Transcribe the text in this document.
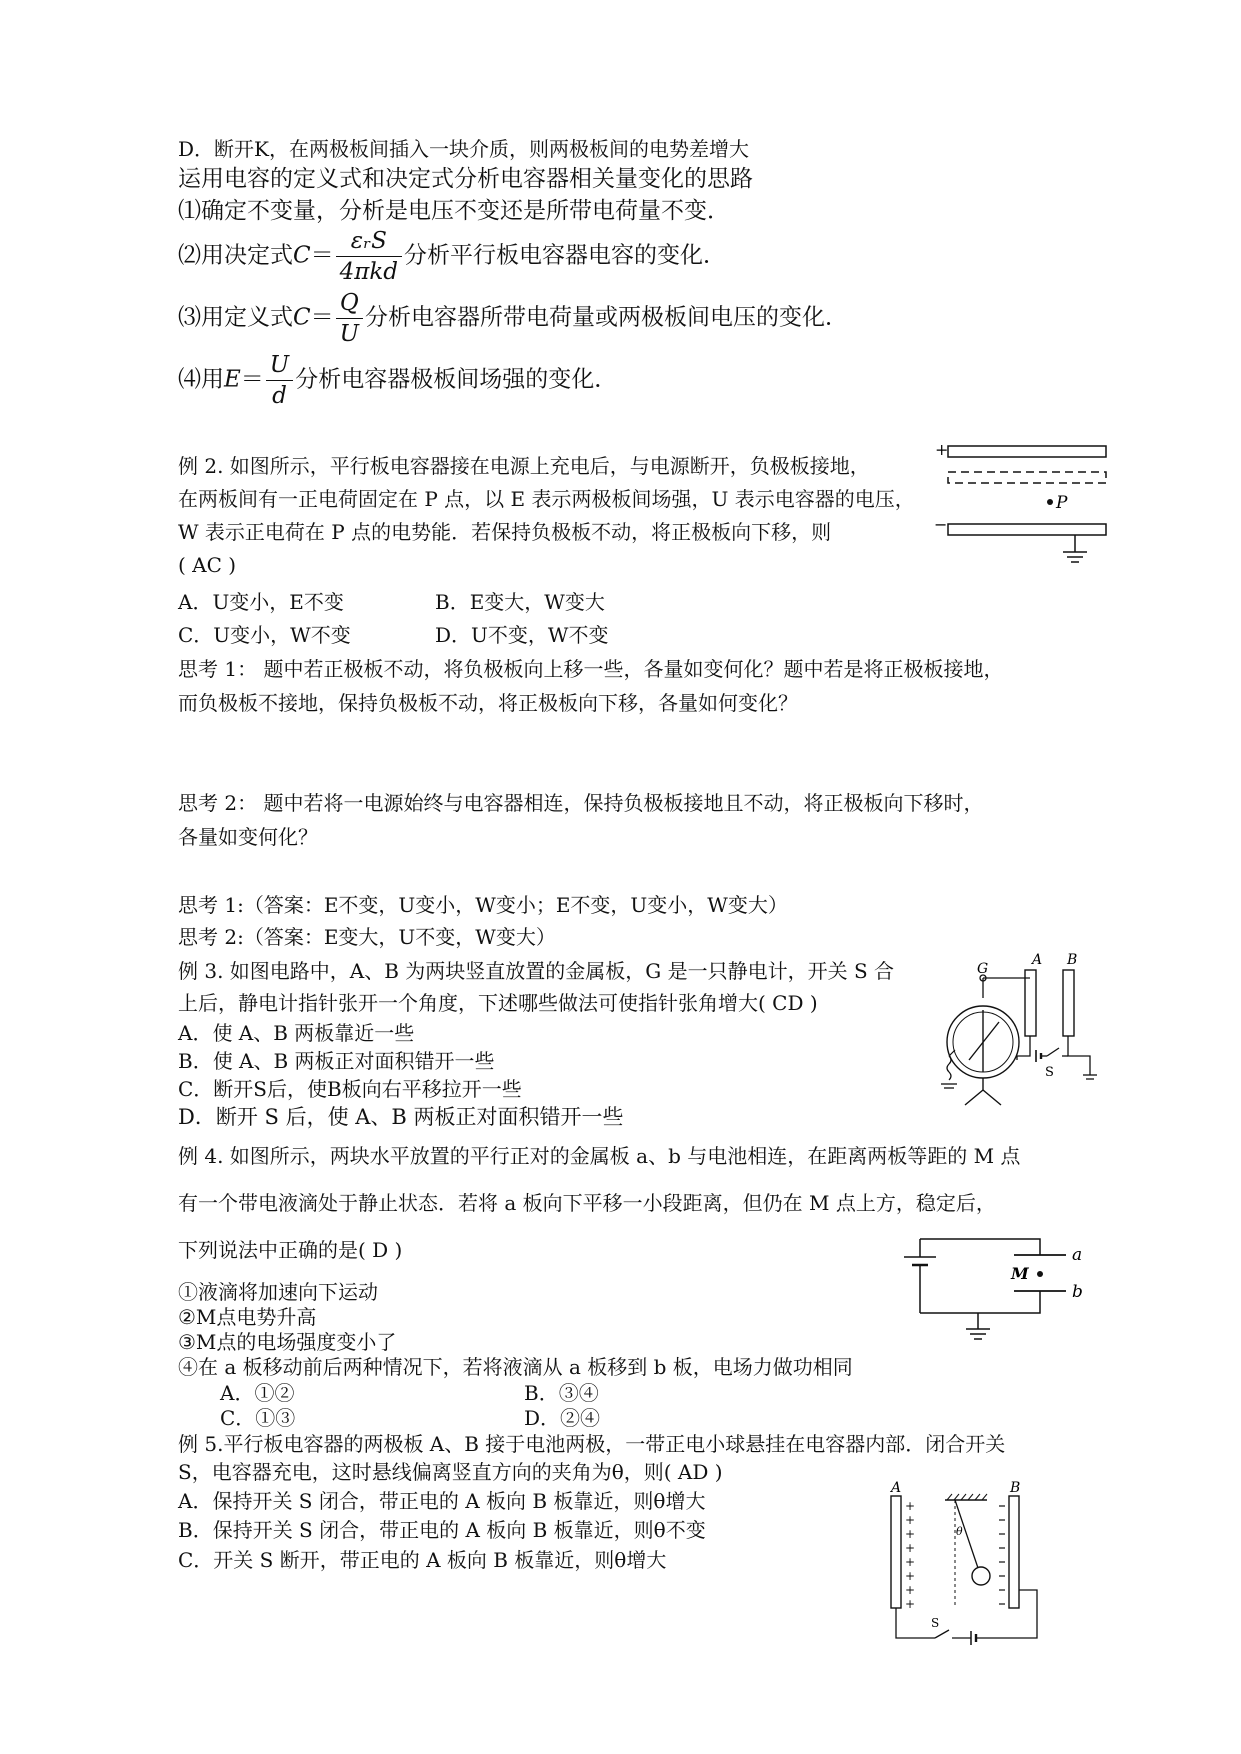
D．断开K，在两极板间插入一块介质，则两极板间的电势差增大
运用电容的定义式和决定式分析电容器相关量变化的思路
⑴确定不变量，分析是电压不变还是所带电荷量不变．
⑵用决定式$C= \frac{\text{εᵣS}}{\text{4πkd}}$ 分析平行板电容器电容的变化．
⑶用定义式$C= \frac{Q}{U}$ 分析电容器所带电荷量或两极板间电压的变化．
⑷用$E= \frac{U}{d}$ 分析电容器极板间场强的变化．
例 2. 如图所示，平行板电容器接在电源上充电后，与电源断开，负极板接地，
在两板间有一正电荷固定在 P 点，以 E 表示两极板间场强，U 表示电容器的电压，
W 表示正电荷在 P 点的电势能．若保持负极板不动，将正极板向下移，则
( AC )
A．U变小，E不变	B．E变大，W变大
C．U变小，W不变	D．U不变，W不变
思考 1： 题中若正极板不动，将负极板向上移一些，各量如变何化？题中若是将正极板接地，
而负极板不接地，保持负极板不动，将正极板向下移，各量如何变化？
思考 2： 题中若将一电源始终与电容器相连，保持负极板接地且不动，将正极板向下移时，
各量如变何化？
思考 1:（答案：E不变，U变小，W变小；E不变，U变小，W变大）
思考 2:（答案：E变大，U不变，W变大）
例 3. 如图电路中，A、B 为两块竖直放置的金属板，G 是一只静电计，开关 S 合
上后，静电计指针张开一个角度，下述哪些做法可使指针张角增大( CD )
A．使 A、B 两板靠近一些
B．使 A、B 两板正对面积错开一些
C．断开S后，使B板向右平移拉开一些
D．断开 S 后，使 A、B 两板正对面积错开一些
例 4. 如图所示，两块水平放置的平行正对的金属板 a、b 与电池相连，在距离两板等距的 M 点
有一个带电液滴处于静止状态．若将 a 板向下平移一小段距离，但仍在 M 点上方，稳定后，
下列说法中正确的是( D )
①液滴将加速向下运动
②M点电势升高
③M点的电场强度变小了
④在 a 板移动前后两种情况下，若将液滴从 a 板移到 b 板，电场力做功相同
A．①②	B．③④
C．①③	D．②④
例 5.平行板电容器的两极板 A、B 接于电池两极，一带正电小球悬挂在电容器内部．闭合开关
S，电容器充电，这时悬线偏离竖直方向的夹角为θ，则( AD )
A．保持开关 S 闭合，带正电的 A 板向 B 板靠近，则θ增大
B．保持开关 S 闭合，带正电的 A 板向 B 板靠近，则θ不变
C．开关 S 断开，带正电的 A 板向 B 板靠近，则θ增大
+
P
−
G
A B
S
a
b
M
A	B
+
+
+
+
+
+
+
+
θ
S
